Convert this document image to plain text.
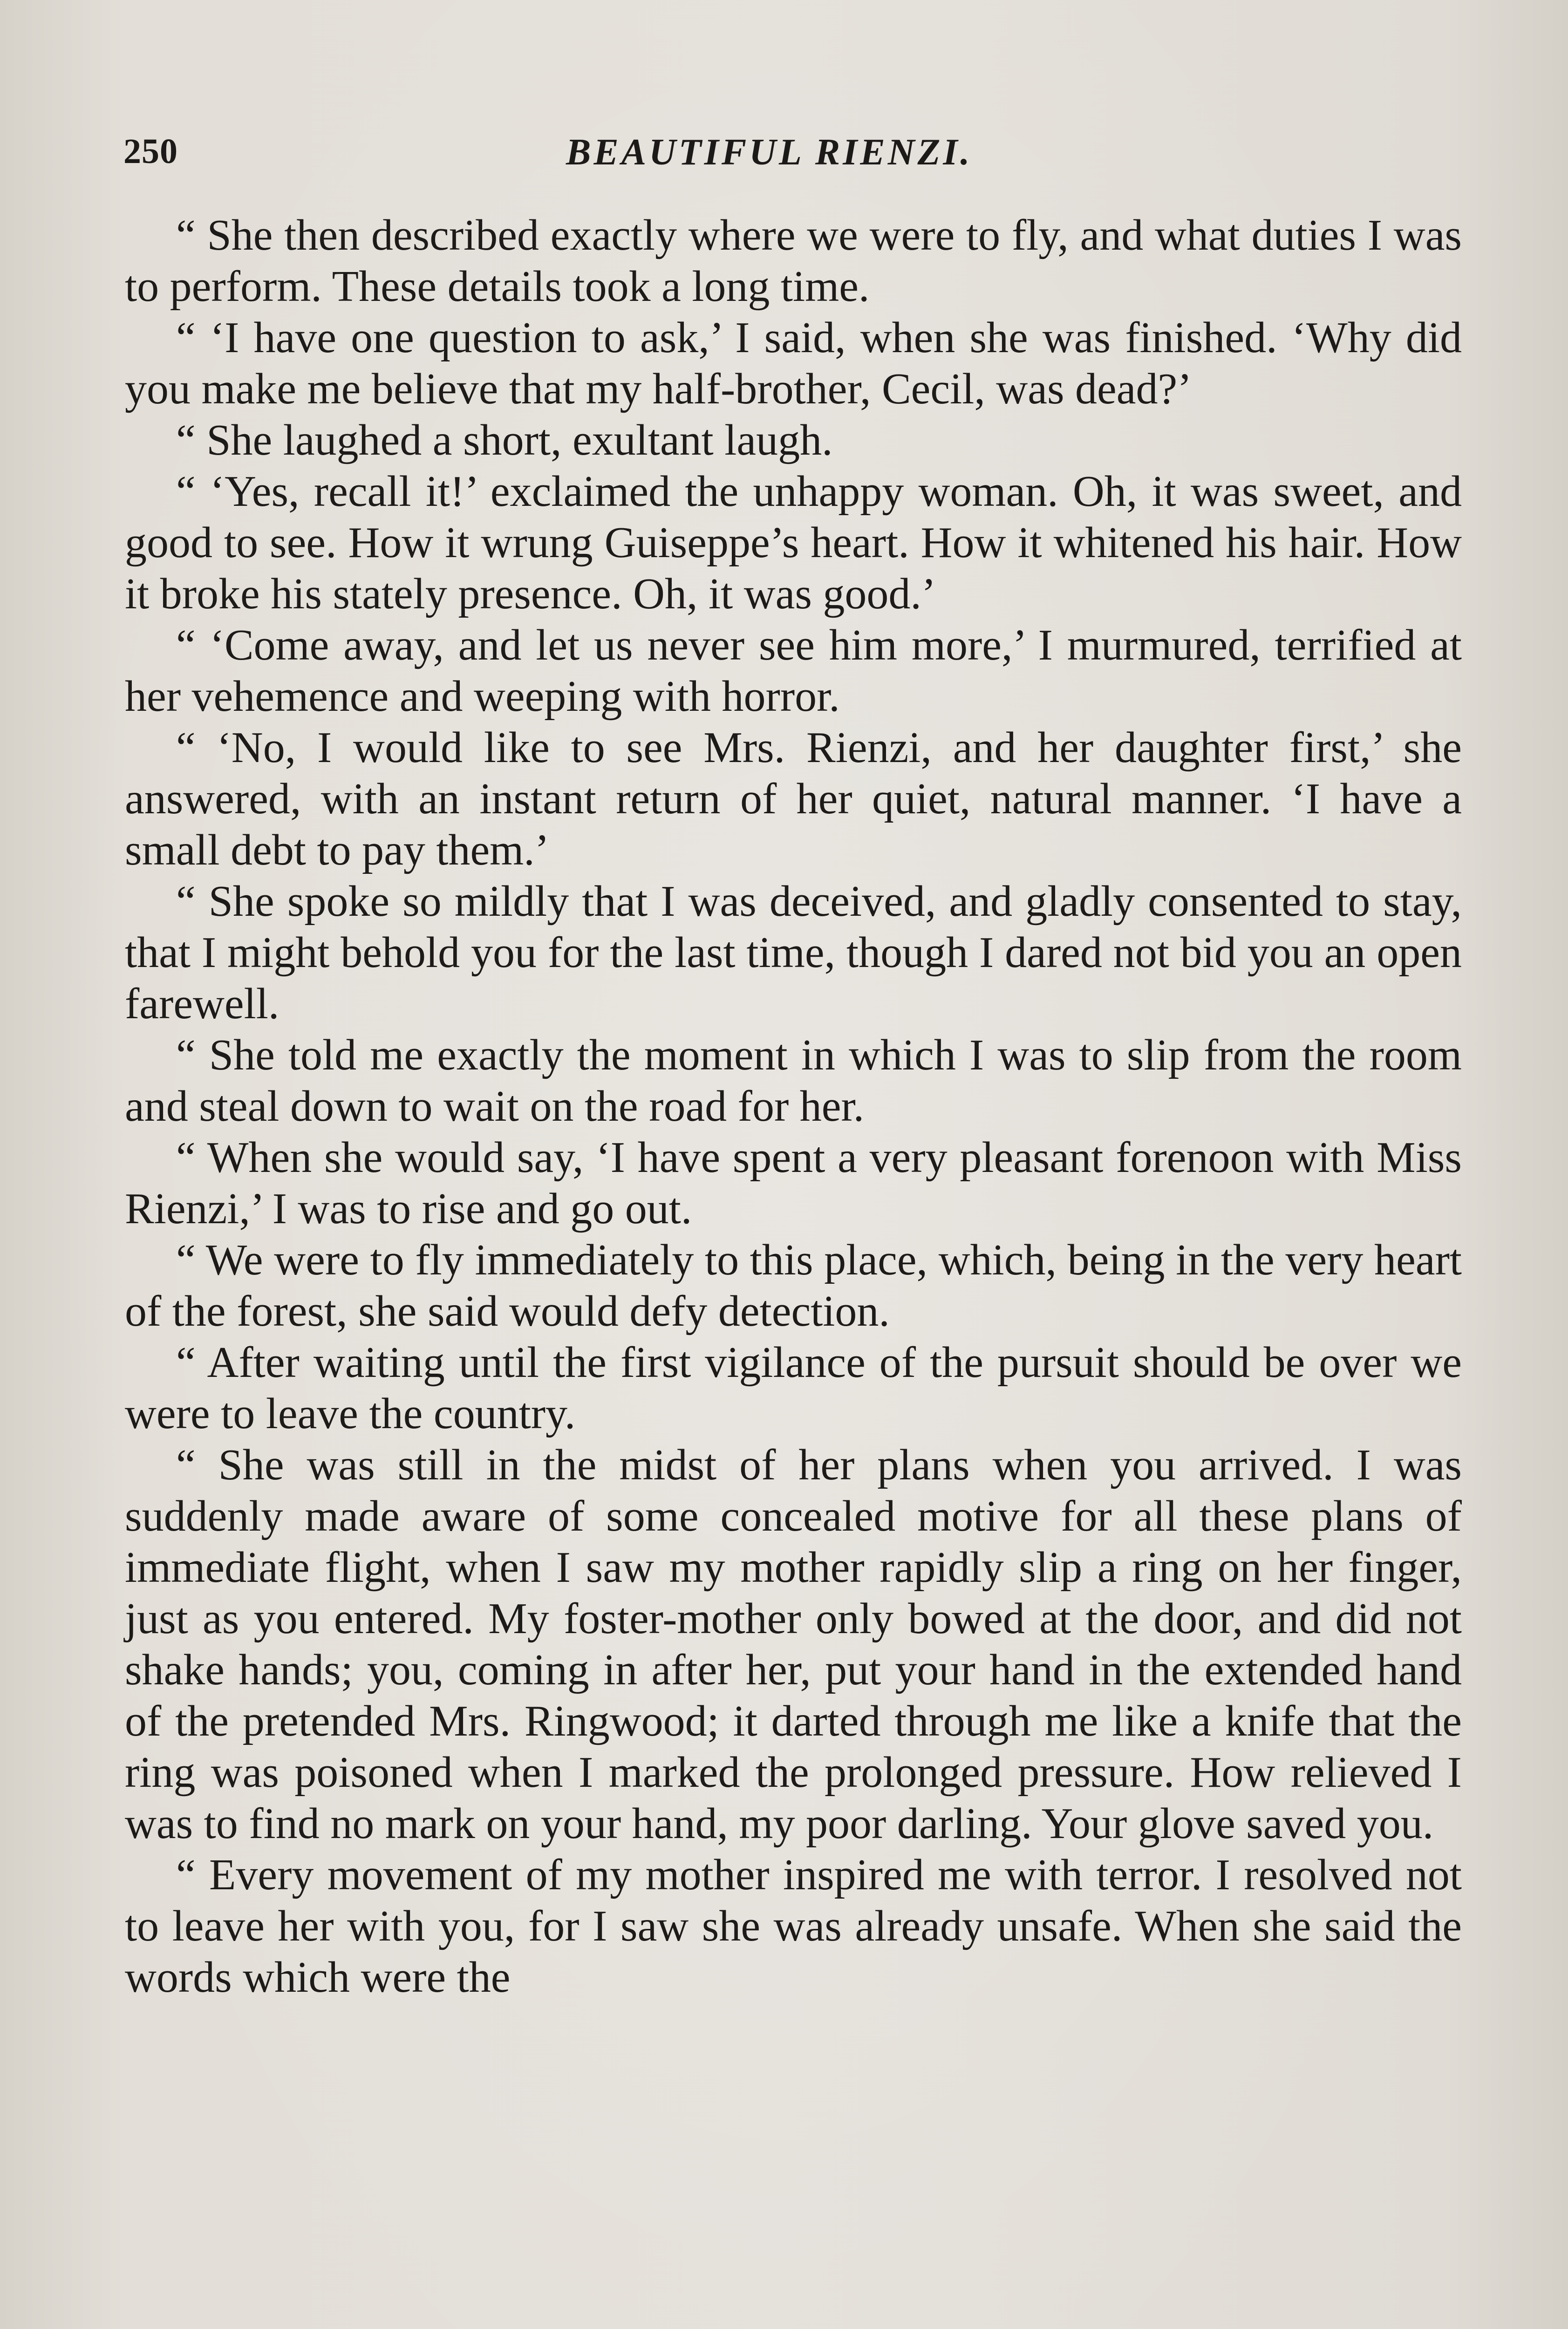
250	BEAUTIFUL RIENZI.

“ She then described exactly where we were to fly, and what duties I was to perform. These details took a long time.

“ ‘I have one question to ask,’ I said, when she was finished. ‘Why did you make me believe that my half-brother, Cecil, was dead?’

“ She laughed a short, exultant laugh.

“ ‘Yes, recall it!’ exclaimed the unhappy woman. Oh, it was sweet, and good to see. How it wrung Guiseppe’s heart. How it whitened his hair. How it broke his stately presence. Oh, it was good.’

“ ‘Come away, and let us never see him more,’ I murmured, terrified at her vehemence and weeping with horror.

“ ‘No, I would like to see Mrs. Rienzi, and her daughter first,’ she answered, with an instant return of her quiet, natural manner. ‘I have a small debt to pay them.’

“ She spoke so mildly that I was deceived, and gladly consented to stay, that I might behold you for the last time, though I dared not bid you an open farewell.

“ She told me exactly the moment in which I was to slip from the room and steal down to wait on the road for her.

“ When she would say, ‘I have spent a very pleasant forenoon with Miss Rienzi,’ I was to rise and go out.

“ We were to fly immediately to this place, which, being in the very heart of the forest, she said would defy detection.

“ After waiting until the first vigilance of the pursuit should be over we were to leave the country.

“ She was still in the midst of her plans when you arrived. I was suddenly made aware of some concealed motive for all these plans of immediate flight, when I saw my mother rapidly slip a ring on her finger, just as you entered. My foster-mother only bowed at the door, and did not shake hands; you, coming in after her, put your hand in the extended hand of the pretended Mrs. Ringwood; it darted through me like a knife that the ring was poisoned when I marked the prolonged pressure. How relieved I was to find no mark on your hand, my poor darling. Your glove saved you.

“ Every movement of my mother inspired me with terror. I resolved not to leave her with you, for I saw she was already unsafe. When she said the words which were the
